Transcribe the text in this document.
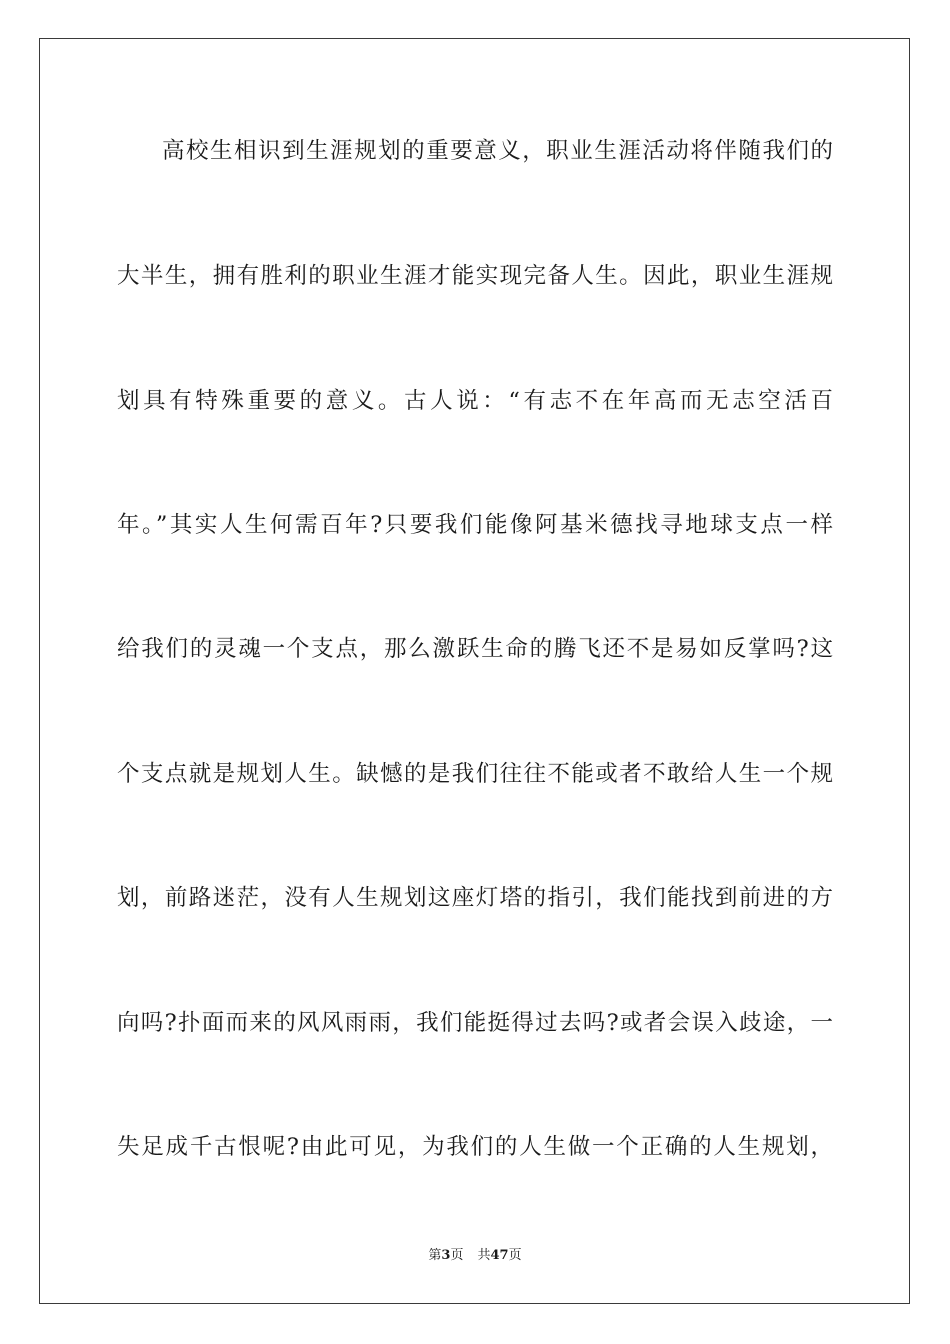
高校生相识到生涯规划的重要意义，职业生涯活动将伴随我们的
大半生，拥有胜利的职业生涯才能实现完备人生。因此，职业生涯规
划具有特殊重要的意义。古人说：“有志不在年高而无志空活百
年。”其实人生何需百年?只要我们能像阿基米德找寻地球支点一样
给我们的灵魂一个支点，那么激跃生命的腾飞还不是易如反掌吗?这
个支点就是规划人生。缺憾的是我们往往不能或者不敢给人生一个规
划，前路迷茫，没有人生规划这座灯塔的指引，我们能找到前进的方
向吗?扑面而来的风风雨雨，我们能挺得过去吗?或者会误入歧途，一
失足成千古恨呢?由此可见，为我们的人生做一个正确的人生规划，
第3页 共47页
